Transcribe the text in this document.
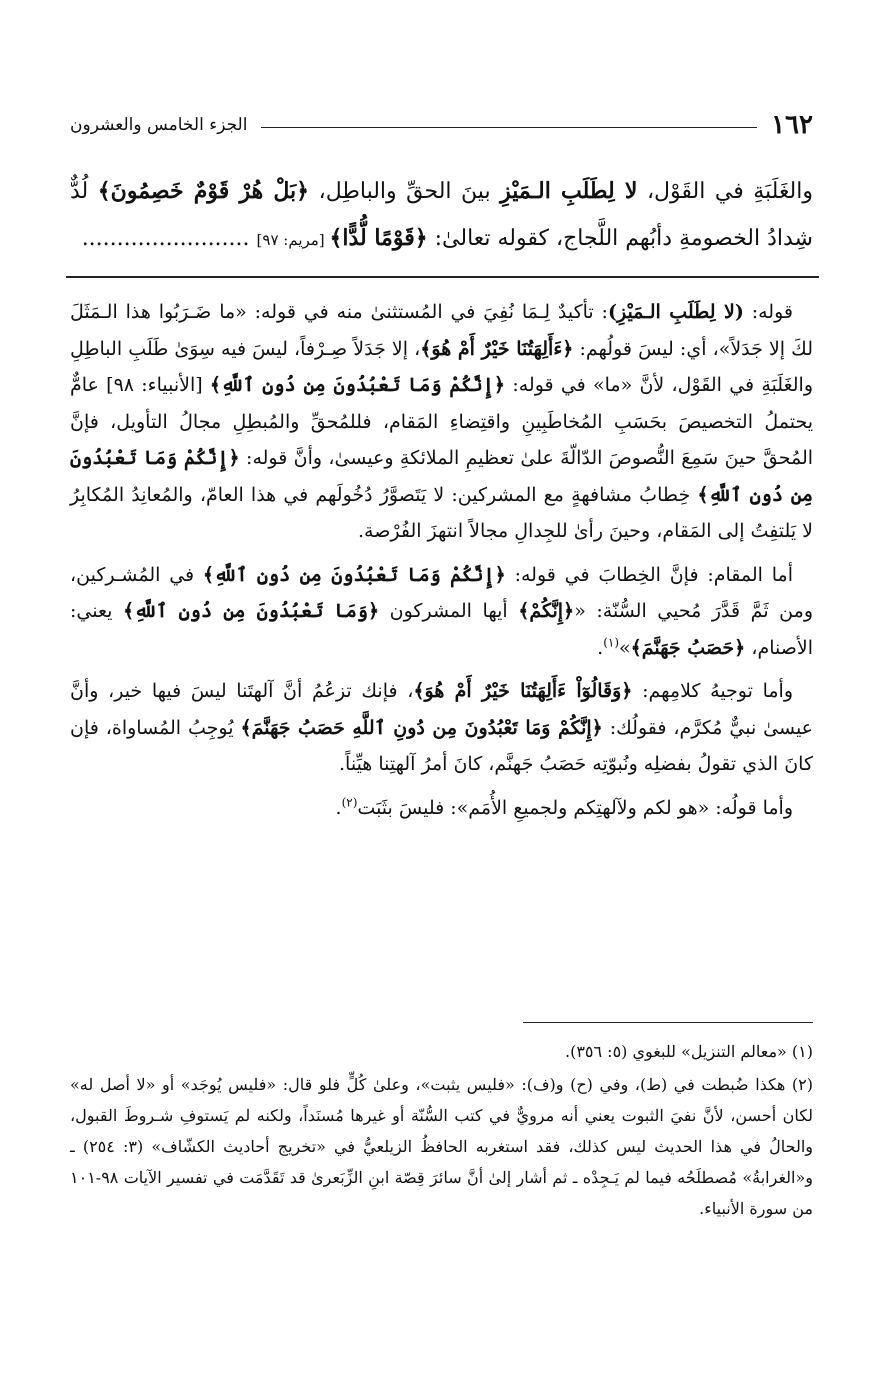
١٦٢
الجزء الخامس والعشرون
والغَلَبَةِ في القَوْل، لا لِطَلَبِ الـمَيْزِ بينَ الحقِّ والباطِل، ﴿بَلْ هُرْ قَوْمٌ خَصِمُونَ﴾ لُدٌّ شِدادُ الخصومةِ دأبُهم اللَّجاج، كقوله تعالىٰ: ﴿قَوْمًا لُّدًّا﴾ [مريم: ٩٧] ........................

قوله: (لا لِطَلَبِ الـمَيْزِ): تأكيدٌ لِـمَا نُفِيَ في المُستثنىٰ منه في قوله: «ما ضَـرَبُوا هذا الـمَثَلَ لكَ إلا جَدَلاً»، أي: ليسَ قولُهم: ﴿ءَأَلِهَتُنَا خَيْرٌ أَمْ هُوَ﴾، إلا جَدَلاً صِـرْفاً، ليسَ فيه سِوَىٰ طَلَبِ الباطِلِ والغَلَبَةِ في القَوْل، لأنَّ «ما» في قوله: ﴿إِنَّكُمْ وَمَا تَعْبُدُونَ مِن دُونِ ٱللَّهِ﴾ [الأنبياء: ٩٨] عامٌّ يحتملُ التخصيصَ بحَسَبِ المُخاطَبِينِ واقتِضاءِ المَقام، فللمُحقِّ والمُبطِلِ مجالُ التأويل، فإنَّ المُحقَّ حينَ سَمِعَ النُّصوصَ الدّالّةَ علىٰ تعظيمِ الملائكةِ وعيسىٰ، وأنَّ قوله: ﴿إِنَّكُمْ وَمَا تَعْبُدُونَ مِن دُونِ ٱللَّهِ﴾ خِطابُ مشافهةٍ مع المشركين: لا يَتَصوَّرُ دُخُولَهم في هذا العامّ، والمُعانِدُ المُكابِرُ لا يَلتفِتُ إلى المَقام، وحينَ رأىٰ للجِدالِ مجالاً انتهزَ الفُرْصة.

أما المقام: فإنَّ الخِطابَ في قوله: ﴿إِنَّكُمْ وَمَا تَعْبُدُونَ مِن دُونِ ٱللَّهِ﴾ في المُشـركين، ومن ثَمَّ قَدَّرَ مُحيي السُّنّة: «﴿إِنَّكُمْ﴾ أيها المشركون ﴿وَمَا تَعْبُدُونَ مِن دُونِ ٱللَّهِ﴾ يعني: الأصنام، ﴿حَصَبُ جَهَنَّمَ﴾»$^{(١)}$.

وأما توجيهُ كلامِهم: ﴿وَقَالُوٓاْ ءَأَلِهَتُنَا خَيْرٌ أَمْ هُوَ﴾، فإنك تزعُمُ أنَّ آلهتَنا ليسَ فيها خير، وأنَّ عيسىٰ نبيٌّ مُكرَّم، فقولُك: ﴿إِنَّكُمْ وَمَا تَعْبُدُونَ مِن دُونِ ٱللَّهِ حَصَبُ جَهَنَّمَ﴾ يُوجِبُ المُساواة، فإن كانَ الذي تقولُ بفضلِه ونُبوّتِه حَصَبُ جَهنَّم، كانَ أمرُ آلهتِنا هيِّناً.

وأما قولُه: «هو لكم ولآلهتِكم ولجميعِ الأُمَم»: فليسَ بثَبَت$^{(٢)}$.

(١) «معالم التنزيل» للبغوي (٥: ٣٥٦).
(٢) هكذا ضُبطت في (ط)، وفي (ح) و(ف): «فليس يثبت»، وعلىٰ كُلٍّ فلو قال: «فليس يُوجَد» أو «لا أصل له» لكان أحسن، لأنَّ نفيَ الثبوت يعني أنه مرويٌّ في كتب السُّنّة أو غيرها مُسنَداً، ولكنه لم يَستوفِ شـروطَ القبول، والحالُ في هذا الحديث ليس كذلك، فقد استغربه الحافظُ الزيلعيُّ في «تخريج أحاديث الكشّاف» (٣: ٢٥٤) ـ و«الغرابةُ» مُصطلَحُه فيما لم يَـجِدْه ـ ثم أشار إلىٰ أنَّ سائرَ قِصّة ابنِ الزِّبَعرىٰ قد تَقَدَّمَت في تفسير الآيات ٩٨-١٠١ من سورة الأنبياء.
